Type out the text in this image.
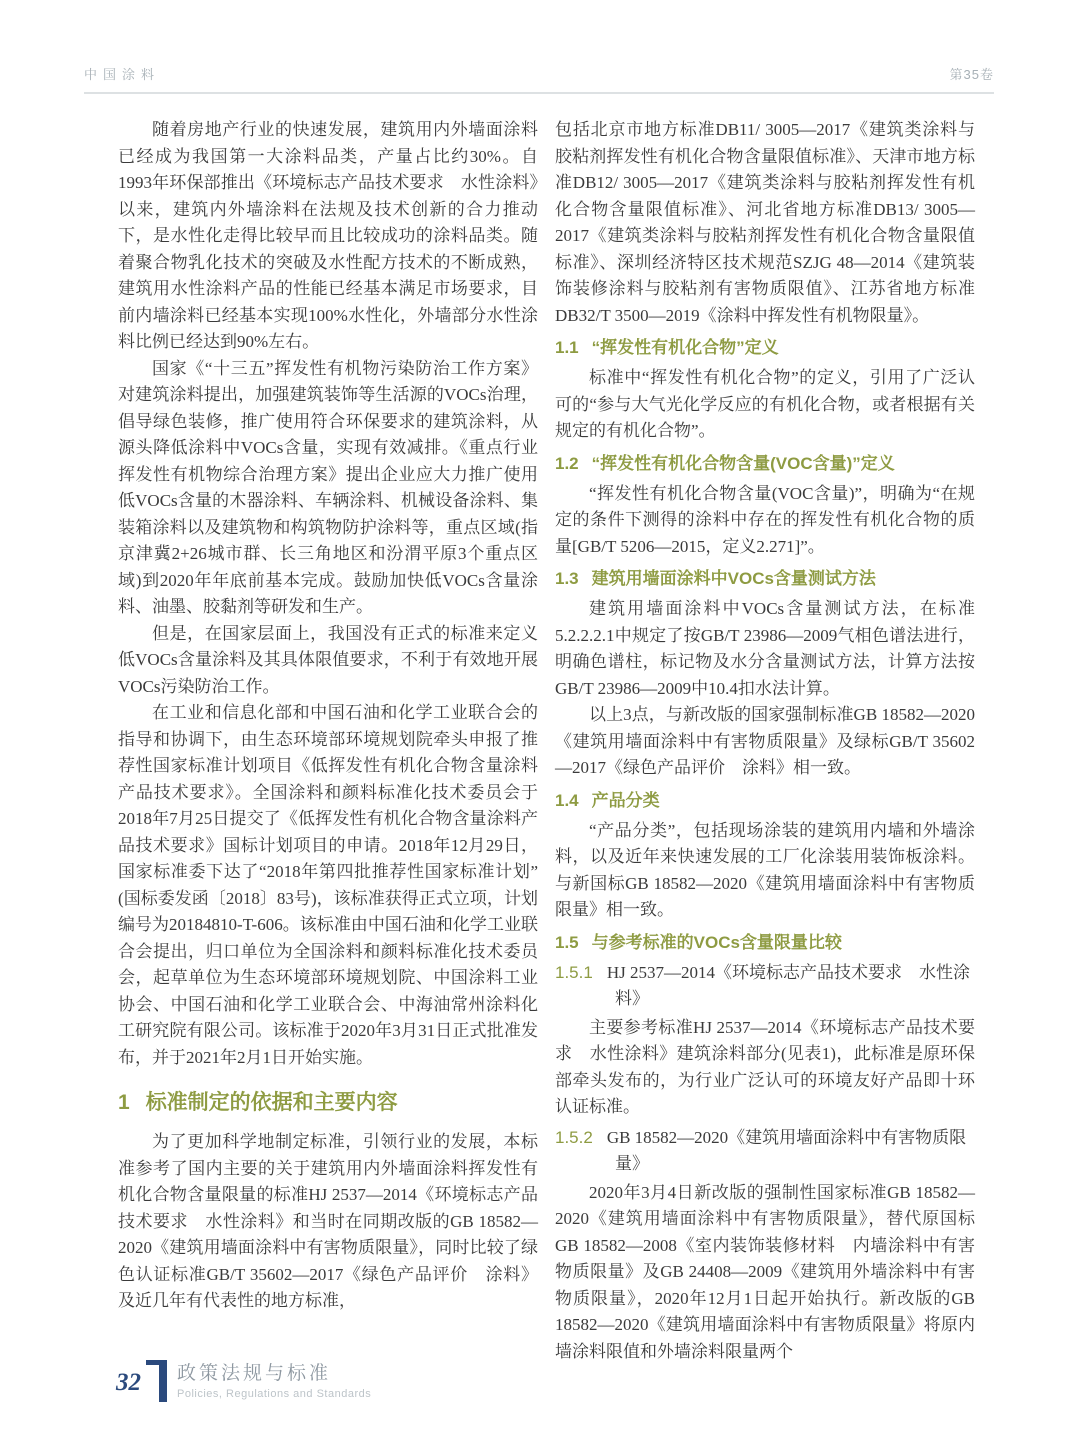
中国涂料	第35卷

随着房地产行业的快速发展，建筑用内外墙面涂料已经成为我国第一大涂料品类，产量占比约30%。自1993年环保部推出《环境标志产品技术要求　水性涂料》以来，建筑内外墙涂料在法规及技术创新的合力推动下，是水性化走得比较早而且比较成功的涂料品类。随着聚合物乳化技术的突破及水性配方技术的不断成熟，建筑用水性涂料产品的性能已经基本满足市场要求，目前内墙涂料已经基本实现100%水性化，外墙部分水性涂料比例已经达到90%左右。

国家《“十三五”挥发性有机物污染防治工作方案》对建筑涂料提出，加强建筑装饰等生活源的VOCs治理，倡导绿色装修，推广使用符合环保要求的建筑涂料，从源头降低涂料中VOCs含量，实现有效减排。《重点行业挥发性有机物综合治理方案》提出企业应大力推广使用低VOCs含量的木器涂料、车辆涂料、机械设备涂料、集装箱涂料以及建筑物和构筑物防护涂料等，重点区域(指京津冀2+26城市群、长三角地区和汾渭平原3个重点区域)到2020年年底前基本完成。鼓励加快低VOCs含量涂料、油墨、胶黏剂等研发和生产。

但是，在国家层面上，我国没有正式的标准来定义低VOCs含量涂料及其具体限值要求，不利于有效地开展VOCs污染防治工作。

在工业和信息化部和中国石油和化学工业联合会的指导和协调下，由生态环境部环境规划院牵头申报了推荐性国家标准计划项目《低挥发性有机化合物含量涂料产品技术要求》。全国涂料和颜料标准化技术委员会于2018年7月25日提交了《低挥发性有机化合物含量涂料产品技术要求》国标计划项目的申请。2018年12月29日，国家标准委下达了“2018年第四批推荐性国家标准计划”(国标委发函〔2018〕83号)，该标准获得正式立项，计划编号为20184810-T-606。该标准由中国石油和化学工业联合会提出，归口单位为全国涂料和颜料标准化技术委员会，起草单位为生态环境部环境规划院、中国涂料工业协会、中国石油和化学工业联合会、中海油常州涂料化工研究院有限公司。该标准于2020年3月31日正式批准发布，并于2021年2月1日开始实施。

1 标准制定的依据和主要内容

为了更加科学地制定标准，引领行业的发展，本标准参考了国内主要的关于建筑用内外墙面涂料挥发性有机化合物含量限量的标准HJ 2537—2014《环境标志产品技术要求　水性涂料》和当时在同期改版的GB 18582—2020《建筑用墙面涂料中有害物质限量》，同时比较了绿色认证标准GB/T 35602—2017《绿色产品评价　涂料》及近几年有代表性的地方标准，

包括北京市地方标准DB11/ 3005—2017《建筑类涂料与胶粘剂挥发性有机化合物含量限值标准》、天津市地方标准DB12/ 3005—2017《建筑类涂料与胶粘剂挥发性有机化合物含量限值标准》、河北省地方标准DB13/ 3005—2017《建筑类涂料与胶粘剂挥发性有机化合物含量限值标准》、深圳经济特区技术规范SZJG 48—2014《建筑装饰装修涂料与胶粘剂有害物质限值》、江苏省地方标准DB32/T 3500—2019《涂料中挥发性有机物限量》。

1.1 “挥发性有机化合物”定义

标准中“挥发性有机化合物”的定义，引用了广泛认可的“参与大气光化学反应的有机化合物，或者根据有关规定的有机化合物”。

1.2 “挥发性有机化合物含量(VOC含量)”定义

“挥发性有机化合物含量(VOC含量)”，明确为“在规定的条件下测得的涂料中存在的挥发性有机化合物的质量[GB/T 5206—2015，定义2.271]”。

1.3 建筑用墙面涂料中VOCs含量测试方法

建筑用墙面涂料中VOCs含量测试方法，在标准5.2.2.2.1中规定了按GB/T 23986—2009气相色谱法进行，明确色谱柱，标记物及水分含量测试方法，计算方法按GB/T 23986—2009中10.4扣水法计算。

以上3点，与新改版的国家强制标准GB 18582—2020《建筑用墙面涂料中有害物质限量》及绿标GB/T 35602—2017《绿色产品评价　涂料》相一致。

1.4 产品分类

“产品分类”，包括现场涂装的建筑用内墙和外墙涂料，以及近年来快速发展的工厂化涂装用装饰板涂料。与新国标GB 18582—2020《建筑用墙面涂料中有害物质限量》相一致。

1.5 与参考标准的VOCs含量限量比较
1.5.1 HJ 2537—2014《环境标志产品技术要求　水性涂料》

主要参考标准HJ 2537—2014《环境标志产品技术要求　水性涂料》建筑涂料部分(见表1)，此标准是原环保部牵头发布的，为行业广泛认可的环境友好产品即十环认证标准。

1.5.2 GB 18582—2020《建筑用墙面涂料中有害物质限量》

2020年3月4日新改版的强制性国家标准GB 18582—2020《建筑用墙面涂料中有害物质限量》，替代原国标GB 18582—2008《室内装饰装修材料　内墙涂料中有害物质限量》及GB 24408—2009《建筑用外墙涂料中有害物质限量》，2020年12月1日起开始执行。新改版的GB 18582—2020《建筑用墙面涂料中有害物质限量》将原内墙涂料限值和外墙涂料限量两个

32 政策法规与标准
Policies, Regulations and Standards
